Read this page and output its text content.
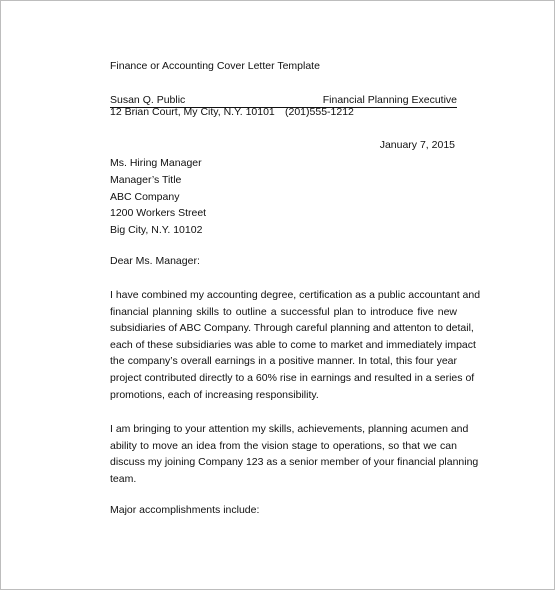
Finance or Accounting Cover Letter Template
Susan Q. Public	Financial Planning Executive
12 Brian Court, My City, N.Y. 10101 (201)555-1212
January 7, 2015
Ms. Hiring Manager
Manager’s Title
ABC Company
1200 Workers Street
Big City, N.Y. 10102
Dear Ms. Manager:
I have combined my accounting degree, certification as a public accountant and
financial planning skills to outline a successful plan to introduce five new
subsidiaries of ABC Company. Through careful planning and attenton to detail,
each of these subsidiaries was able to come to market and immediately impact
the company’s overall earnings in a positive manner. In total, this four year
project contributed directly to a 60% rise in earnings and resulted in a series of
promotions, each of increasing responsibility.
I am bringing to your attention my skills, achievements, planning acumen and
ability to move an idea from the vision stage to operations, so that we can
discuss my joining Company 123 as a senior member of your financial planning
team.
Major accomplishments include:
